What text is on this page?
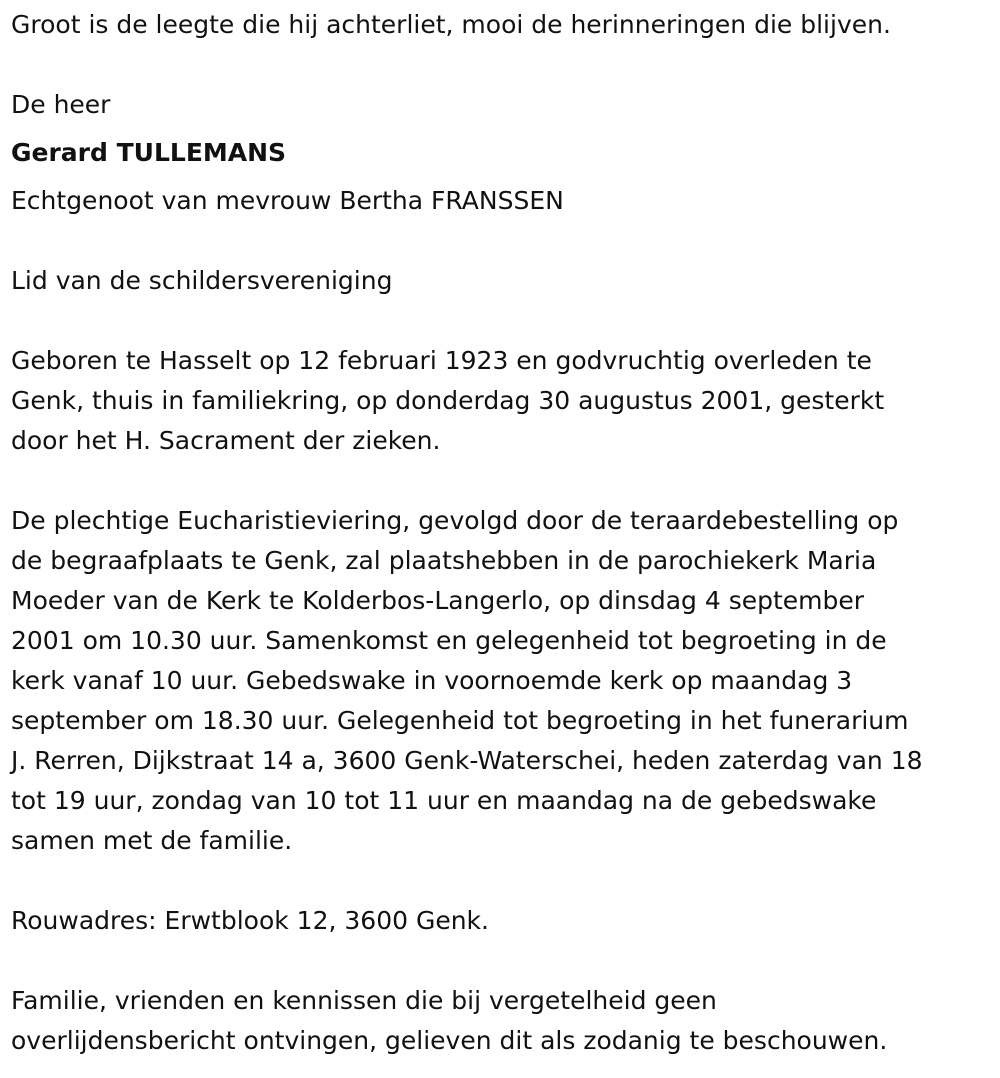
Groot is de leegte die hij achterliet, mooi de herinneringen die blijven.

De heer

Gerard TULLEMANS

Echtgenoot van mevrouw Bertha FRANSSEN

Lid van de schildersvereniging

Geboren te Hasselt op 12 februari 1923 en godvruchtig overleden te

Genk, thuis in familiekring, op donderdag 30 augustus 2001, gesterkt

door het H. Sacrament der zieken.

De plechtige Eucharistieviering, gevolgd door de teraardebestelling op

de begraafplaats te Genk, zal plaatshebben in de parochiekerk Maria

Moeder van de Kerk te Kolderbos-Langerlo, op dinsdag 4 september

2001 om 10.30 uur. Samenkomst en gelegenheid tot begroeting in de

kerk vanaf 10 uur. Gebedswake in voornoemde kerk op maandag 3

september om 18.30 uur. Gelegenheid tot begroeting in het funerarium

J. Rerren, Dijkstraat 14 a, 3600 Genk-Waterschei, heden zaterdag van 18

tot 19 uur, zondag van 10 tot 11 uur en maandag na de gebedswake

samen met de familie.

Rouwadres: Erwtblook 12, 3600 Genk.

Familie, vrienden en kennissen die bij vergetelheid geen

overlijdensbericht ontvingen, gelieven dit als zodanig te beschouwen.
